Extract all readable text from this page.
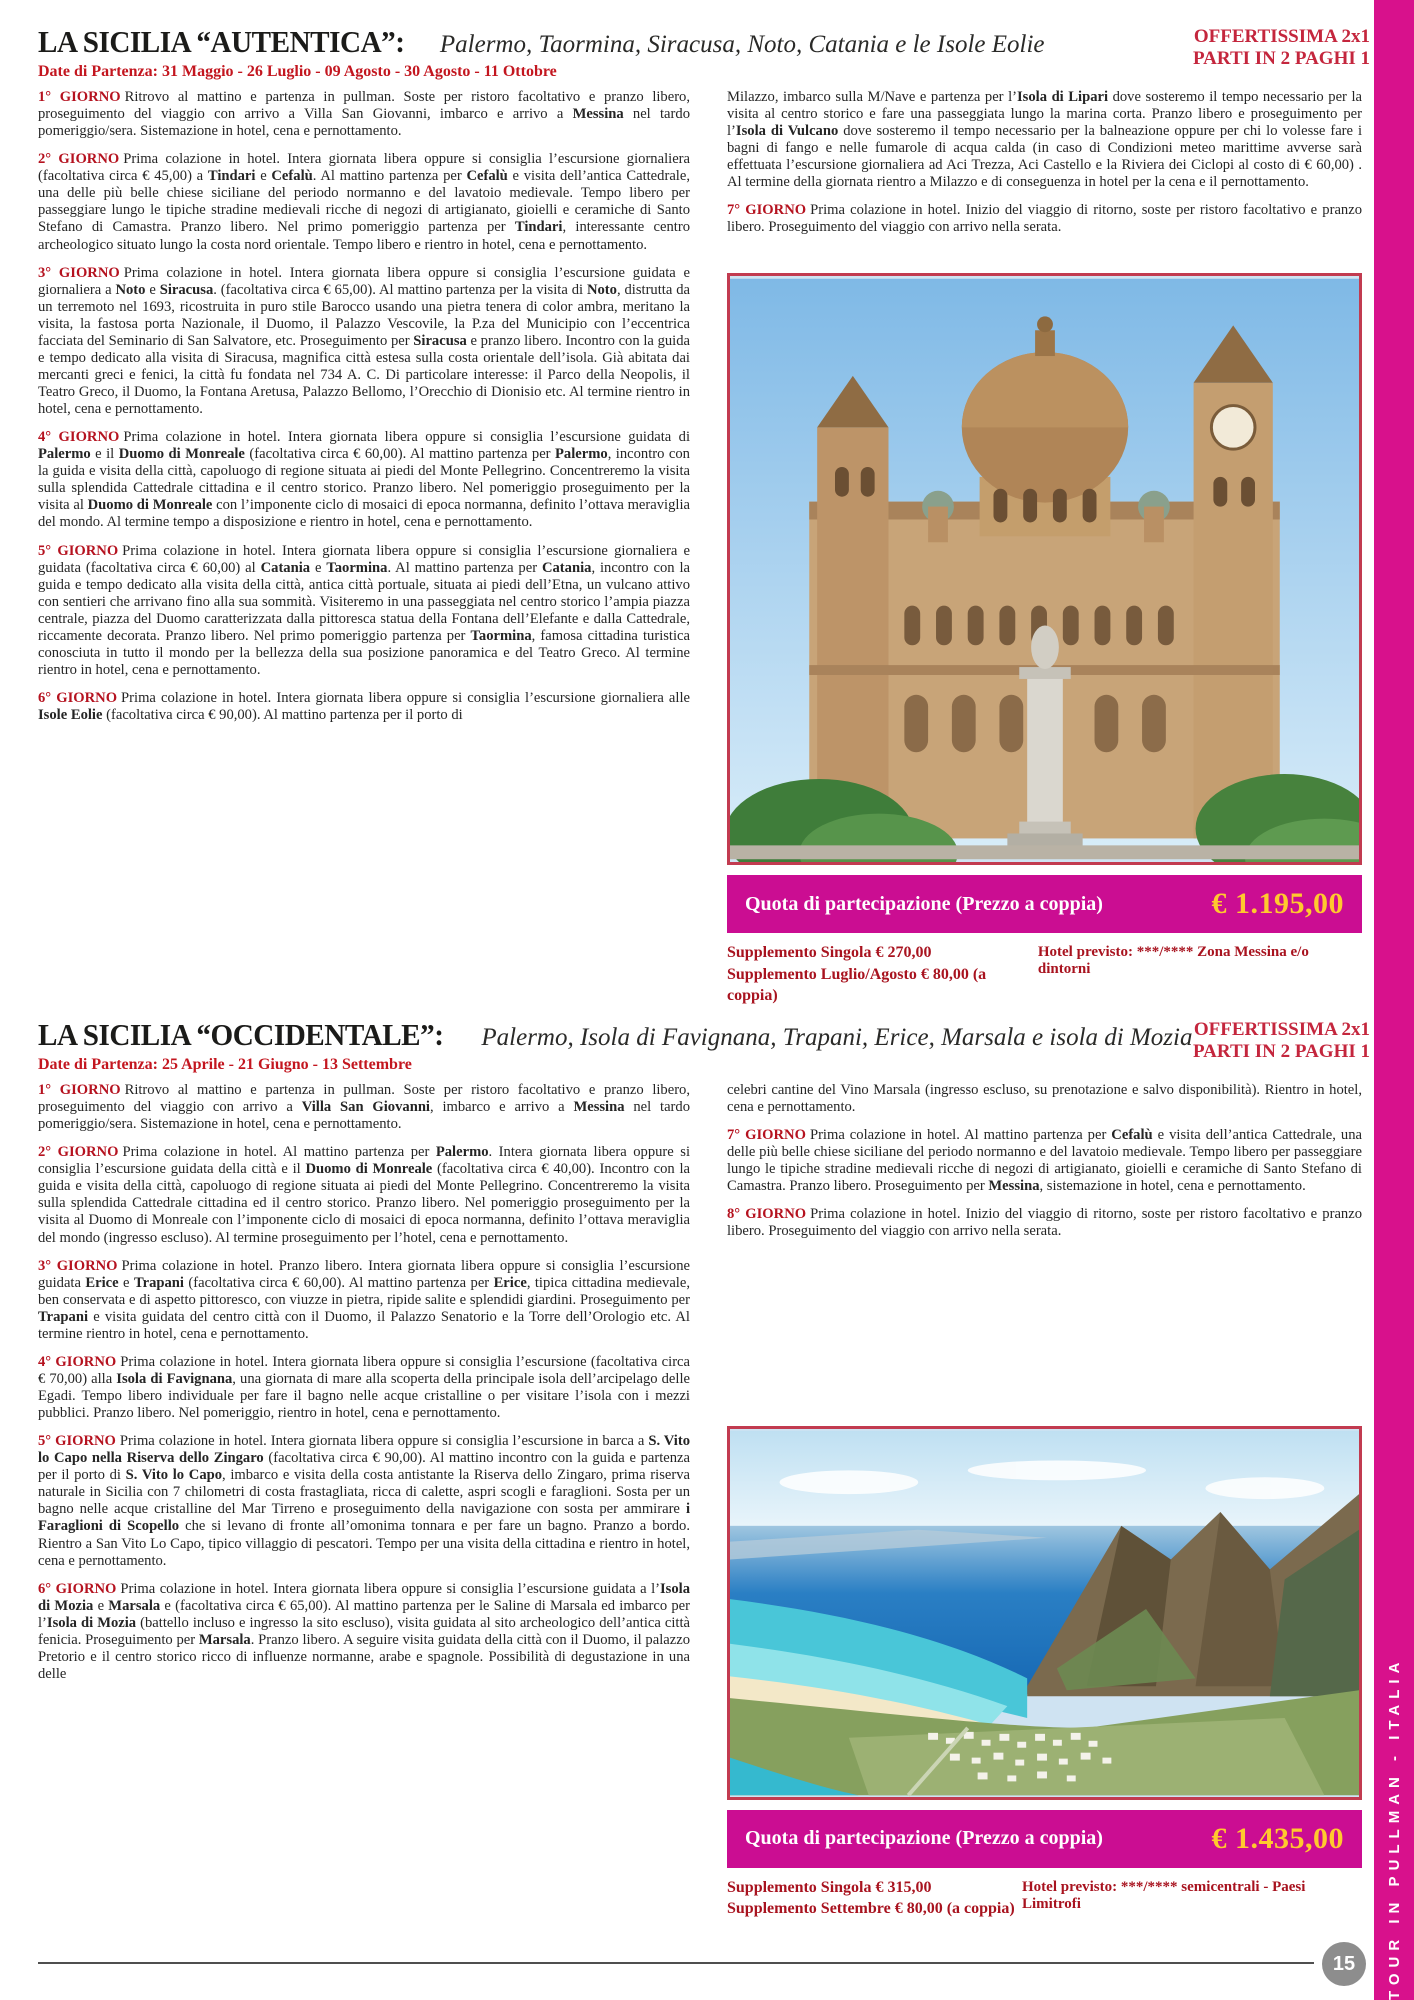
LA SICILIA “AUTENTICA”: Palermo, Taormina, Siracusa, Noto, Catania e le Isole Eolie
Date di Partenza: 31 Maggio - 26 Luglio - 09 Agosto - 30 Agosto - 11 Ottobre
OFFERTISSIMA 2x1
PARTI IN 2 PAGHI 1

1° GIORNO Ritrovo al mattino e partenza in pullman. Soste per ristoro facoltativo e pranzo libero, proseguimento del viaggio con arrivo a Villa San Giovanni, imbarco e arrivo a Messina nel tardo pomeriggio/sera. Sistemazione in hotel, cena e pernottamento.

2° GIORNO Prima colazione in hotel. Intera giornata libera oppure si consiglia l’escursione giornaliera (facoltativa circa € 45,00) a Tindari e Cefalù. Al mattino partenza per Cefalù e visita dell’antica Cattedrale, una delle più belle chiese siciliane del periodo normanno e del lavatoio medievale. Tempo libero per passeggiare lungo le tipiche stradine medievali ricche di negozi di artigianato, gioielli e ceramiche di Santo Stefano di Camastra. Pranzo libero. Nel primo pomeriggio partenza per Tindari, interessante centro archeologico situato lungo la costa nord orientale. Tempo libero e rientro in hotel, cena e pernottamento.

3° GIORNO Prima colazione in hotel. Intera giornata libera oppure si consiglia l’escursione guidata e giornaliera a Noto e Siracusa. (facoltativa circa € 65,00). Al mattino partenza per la visita di Noto, distrutta da un terremoto nel 1693, ricostruita in puro stile Barocco usando una pietra tenera di color ambra, meritano la visita, la fastosa porta Nazionale, il Duomo, il Palazzo Vescovile, la P.za del Municipio con l’eccentrica facciata del Seminario di San Salvatore, etc. Proseguimento per Siracusa e pranzo libero. Incontro con la guida e tempo dedicato alla visita di Siracusa, magnifica città estesa sulla costa orientale dell’isola. Già abitata dai mercanti greci e fenici, la città fu fondata nel 734 A. C. Di particolare interesse: il Parco della Neopolis, il Teatro Greco, il Duomo, la Fontana Aretusa, Palazzo Bellomo, l’Orecchio di Dionisio etc. Al termine rientro in hotel, cena e pernottamento.

4° GIORNO Prima colazione in hotel. Intera giornata libera oppure si consiglia l’escursione guidata di Palermo e il Duomo di Monreale (facoltativa circa € 60,00). Al mattino partenza per Palermo, incontro con la guida e visita della città, capoluogo di regione situata ai piedi del Monte Pellegrino. Concentreremo la visita sulla splendida Cattedrale cittadina e il centro storico. Pranzo libero. Nel pomeriggio proseguimento per la visita al Duomo di Monreale con l’imponente ciclo di mosaici di epoca normanna, definito l’ottava meraviglia del mondo. Al termine tempo a disposizione e rientro in hotel, cena e pernottamento.

5° GIORNO Prima colazione in hotel. Intera giornata libera oppure si consiglia l’escursione giornaliera e guidata (facoltativa circa € 60,00) al Catania e Taormina. Al mattino partenza per Catania, incontro con la guida e tempo dedicato alla visita della città, antica città portuale, situata ai piedi dell’Etna, un vulcano attivo con sentieri che arrivano fino alla sua sommità. Visiteremo in una passeggiata nel centro storico l’ampia piazza centrale, piazza del Duomo caratterizzata dalla pittoresca statua della Fontana dell’Elefante e dalla Cattedrale, riccamente decorata. Pranzo libero. Nel primo pomeriggio partenza per Taormina, famosa cittadina turistica conosciuta in tutto il mondo per la bellezza della sua posizione panoramica e del Teatro Greco. Al termine rientro in hotel, cena e pernottamento.

6° GIORNO Prima colazione in hotel. Intera giornata libera oppure si consiglia l’escursione giornaliera alle Isole Eolie (facoltativa circa € 90,00). Al mattino partenza per il porto di

Milazzo, imbarco sulla M/Nave e partenza per l’Isola di Lipari dove sosteremo il tempo necessario per la visita al centro storico e fare una passeggiata lungo la marina corta. Pranzo libero e proseguimento per l’Isola di Vulcano dove sosteremo il tempo necessario per la balneazione oppure per chi lo volesse fare i bagni di fango e nelle fumarole di acqua calda (in caso di Condizioni meteo marittime avverse sarà effettuata l’escursione giornaliera ad Aci Trezza, Aci Castello e la Riviera dei Ciclopi al costo di € 60,00) . Al termine della giornata rientro a Milazzo e di conseguenza in hotel per la cena e il pernottamento.

7° GIORNO Prima colazione in hotel. Inizio del viaggio di ritorno, soste per ristoro facoltativo e pranzo libero. Proseguimento del viaggio con arrivo nella serata.

Quota di partecipazione (Prezzo a coppia)	€ 1.195,00
Supplemento Singola € 270,00
Supplemento Luglio/Agosto € 80,00 (a coppia)
Hotel previsto: ***/**** Zona Messina e/o dintorni
LA SICILIA “OCCIDENTALE”: Palermo, Isola di Favignana, Trapani, Erice, Marsala e isola di Mozia
Date di Partenza: 25 Aprile - 21 Giugno - 13 Settembre
OFFERTISSIMA 2x1
PARTI IN 2 PAGHI 1

1° GIORNO Ritrovo al mattino e partenza in pullman. Soste per ristoro facoltativo e pranzo libero, proseguimento del viaggio con arrivo a Villa San Giovanni, imbarco e arrivo a Messina nel tardo pomeriggio/sera. Sistemazione in hotel, cena e pernottamento.

2° GIORNO Prima colazione in hotel. Al mattino partenza per Palermo. Intera giornata libera oppure si consiglia l’escursione guidata della città e il Duomo di Monreale (facoltativa circa € 40,00). Incontro con la guida e visita della città, capoluogo di regione situata ai piedi del Monte Pellegrino. Concentreremo la visita sulla splendida Cattedrale cittadina ed il centro storico. Pranzo libero. Nel pomeriggio proseguimento per la visita al Duomo di Monreale con l’imponente ciclo di mosaici di epoca normanna, definito l’ottava meraviglia del mondo (ingresso escluso). Al termine proseguimento per l’hotel, cena e pernottamento.

3° GIORNO Prima colazione in hotel. Pranzo libero. Intera giornata libera oppure si consiglia l’escursione guidata Erice e Trapani (facoltativa circa € 60,00). Al mattino partenza per Erice, tipica cittadina medievale, ben conservata e di aspetto pittoresco, con viuzze in pietra, ripide salite e splendidi giardini. Proseguimento per Trapani e visita guidata del centro città con il Duomo, il Palazzo Senatorio e la Torre dell’Orologio etc. Al termine rientro in hotel, cena e pernottamento.

4° GIORNO Prima colazione in hotel. Intera giornata libera oppure si consiglia l’escursione (facoltativa circa € 70,00) alla Isola di Favignana, una giornata di mare alla scoperta della principale isola dell’arcipelago delle Egadi. Tempo libero individuale per fare il bagno nelle acque cristalline o per visitare l’isola con i mezzi pubblici. Pranzo libero. Nel pomeriggio, rientro in hotel, cena e pernottamento.

5° GIORNO Prima colazione in hotel. Intera giornata libera oppure si consiglia l’escursione in barca a S. Vito lo Capo nella Riserva dello Zingaro (facoltativa circa € 90,00). Al mattino incontro con la guida e partenza per il porto di S. Vito lo Capo, imbarco e visita della costa antistante la Riserva dello Zingaro, prima riserva naturale in Sicilia con 7 chilometri di costa frastagliata, ricca di calette, aspri scogli e faraglioni. Sosta per un bagno nelle acque cristalline del Mar Tirreno e proseguimento della navigazione con sosta per ammirare i Faraglioni di Scopello che si levano di fronte all’omonima tonnara e per fare un bagno. Pranzo a bordo. Rientro a San Vito Lo Capo, tipico villaggio di pescatori. Tempo per una visita della cittadina e rientro in hotel, cena e pernottamento.

6° GIORNO Prima colazione in hotel. Intera giornata libera oppure si consiglia l’escursione guidata a l’Isola di Mozia e Marsala e (facoltativa circa € 65,00). Al mattino partenza per le Saline di Marsala ed imbarco per l’Isola di Mozia (battello incluso e ingresso la sito escluso), visita guidata al sito archeologico dell’antica città fenicia. Proseguimento per Marsala. Pranzo libero. A seguire visita guidata della città con il Duomo, il palazzo Pretorio e il centro storico ricco di influenze normanne, arabe e spagnole. Possibilità di degustazione in una delle

celebri cantine del Vino Marsala (ingresso escluso, su prenotazione e salvo disponibilità). Rientro in hotel, cena e pernottamento.

7° GIORNO Prima colazione in hotel. Al mattino partenza per Cefalù e visita dell’antica Cattedrale, una delle più belle chiese siciliane del periodo normanno e del lavatoio medievale. Tempo libero per passeggiare lungo le tipiche stradine medievali ricche di negozi di artigianato, gioielli e ceramiche di Santo Stefano di Camastra. Pranzo libero. Proseguimento per Messina, sistemazione in hotel, cena e pernottamento.

8° GIORNO Prima colazione in hotel. Inizio del viaggio di ritorno, soste per ristoro facoltativo e pranzo libero. Proseguimento del viaggio con arrivo nella serata.

Quota di partecipazione (Prezzo a coppia)	€ 1.435,00
Supplemento Singola € 315,00
Supplemento Settembre € 80,00 (a coppia)
Hotel previsto: ***/**** semicentrali - Paesi Limitrofi
15	TOUR IN PULLMAN - ITALIA
